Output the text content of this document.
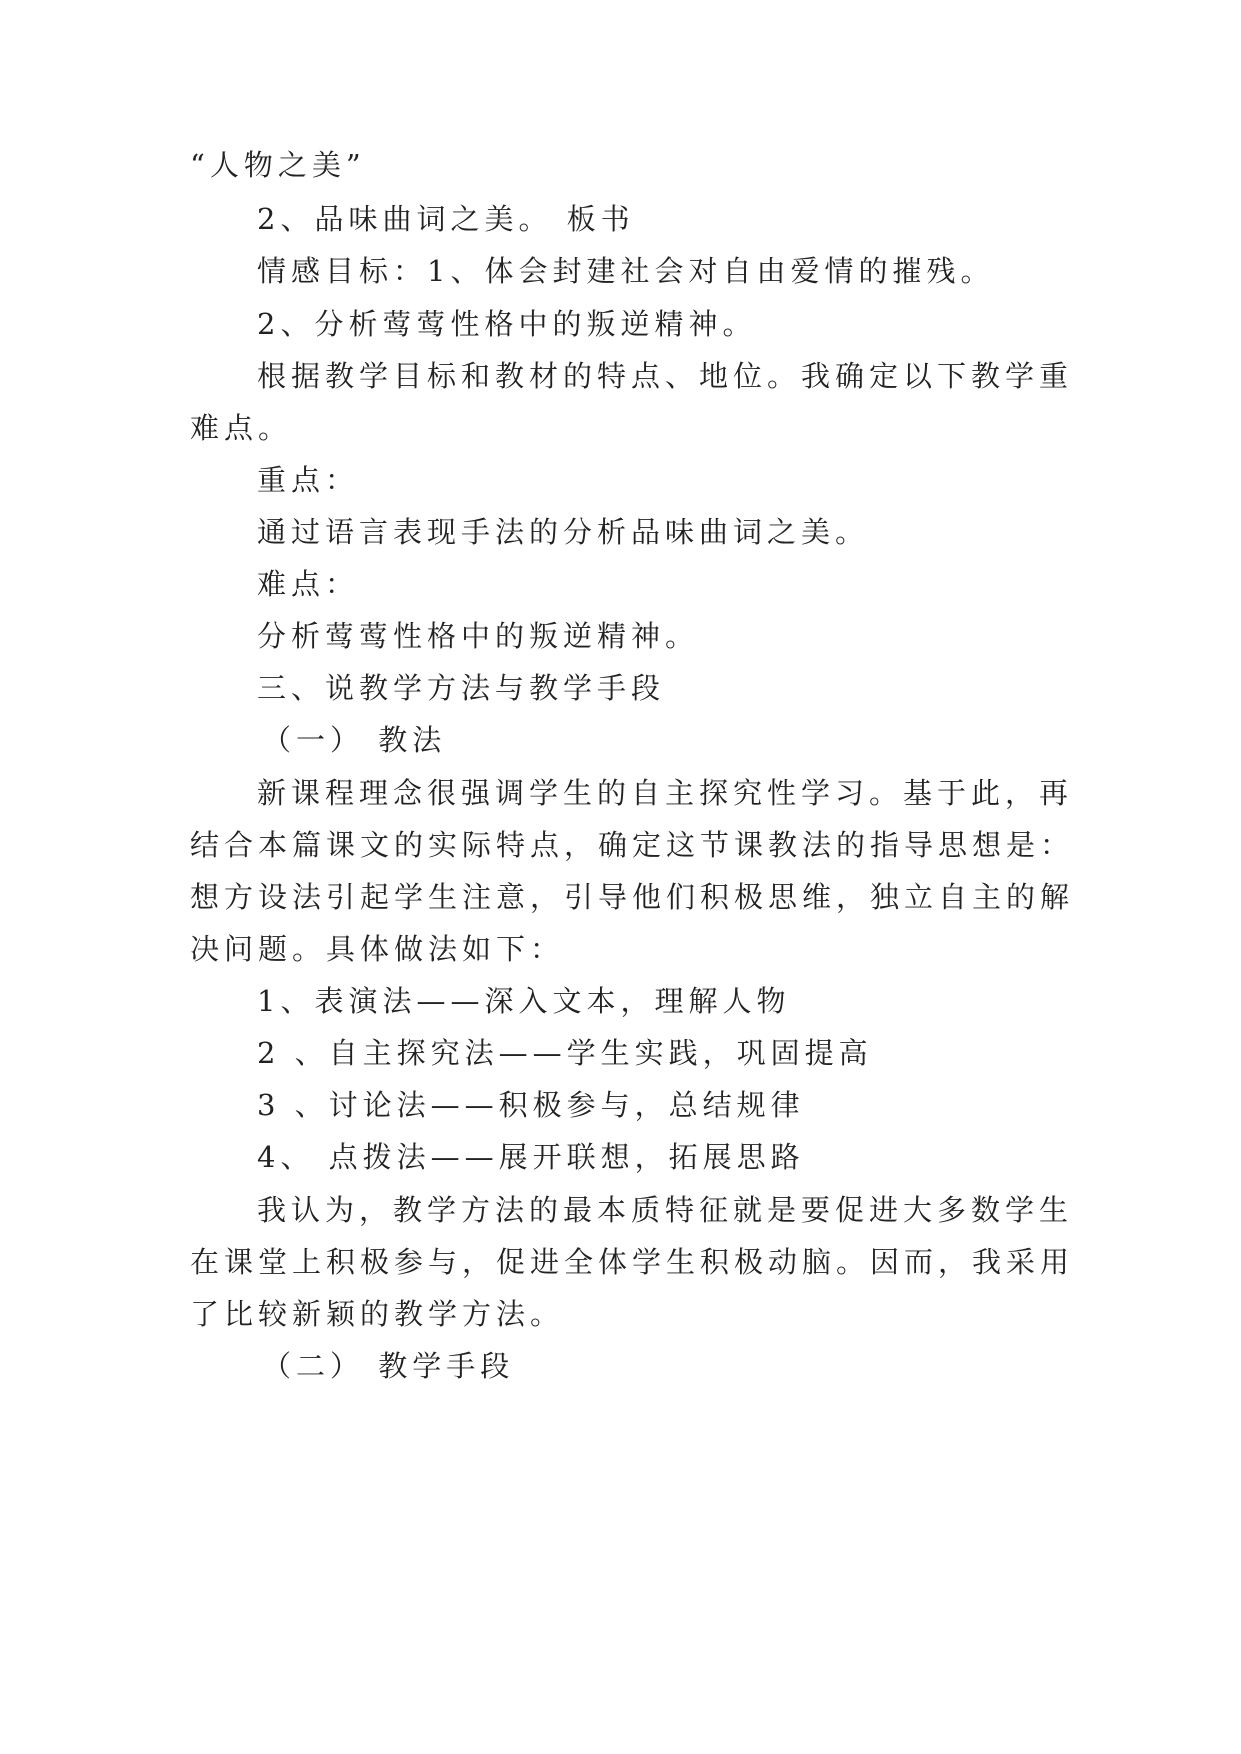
“人物之美”
2、品味曲词之美。 板书
情感目标：1、体会封建社会对自由爱情的摧残。
2、分析莺莺性格中的叛逆精神。
根据教学目标和教材的特点、地位。我确定以下教学重
难点。
重点：
通过语言表现手法的分析品味曲词之美。
难点：
分析莺莺性格中的叛逆精神。
三、说教学方法与教学手段
（一） 教法
新课程理念很强调学生的自主探究性学习。基于此，再
结合本篇课文的实际特点，确定这节课教法的指导思想是：
想方设法引起学生注意，引导他们积极思维，独立自主的解
决问题。具体做法如下：
1、表演法——深入文本，理解人物
2 、自主探究法——学生实践，巩固提高
3 、讨论法——积极参与，总结规律
4、 点拨法——展开联想，拓展思路
我认为，教学方法的最本质特征就是要促进大多数学生
在课堂上积极参与，促进全体学生积极动脑。因而，我采用
了比较新颖的教学方法。
（二） 教学手段
